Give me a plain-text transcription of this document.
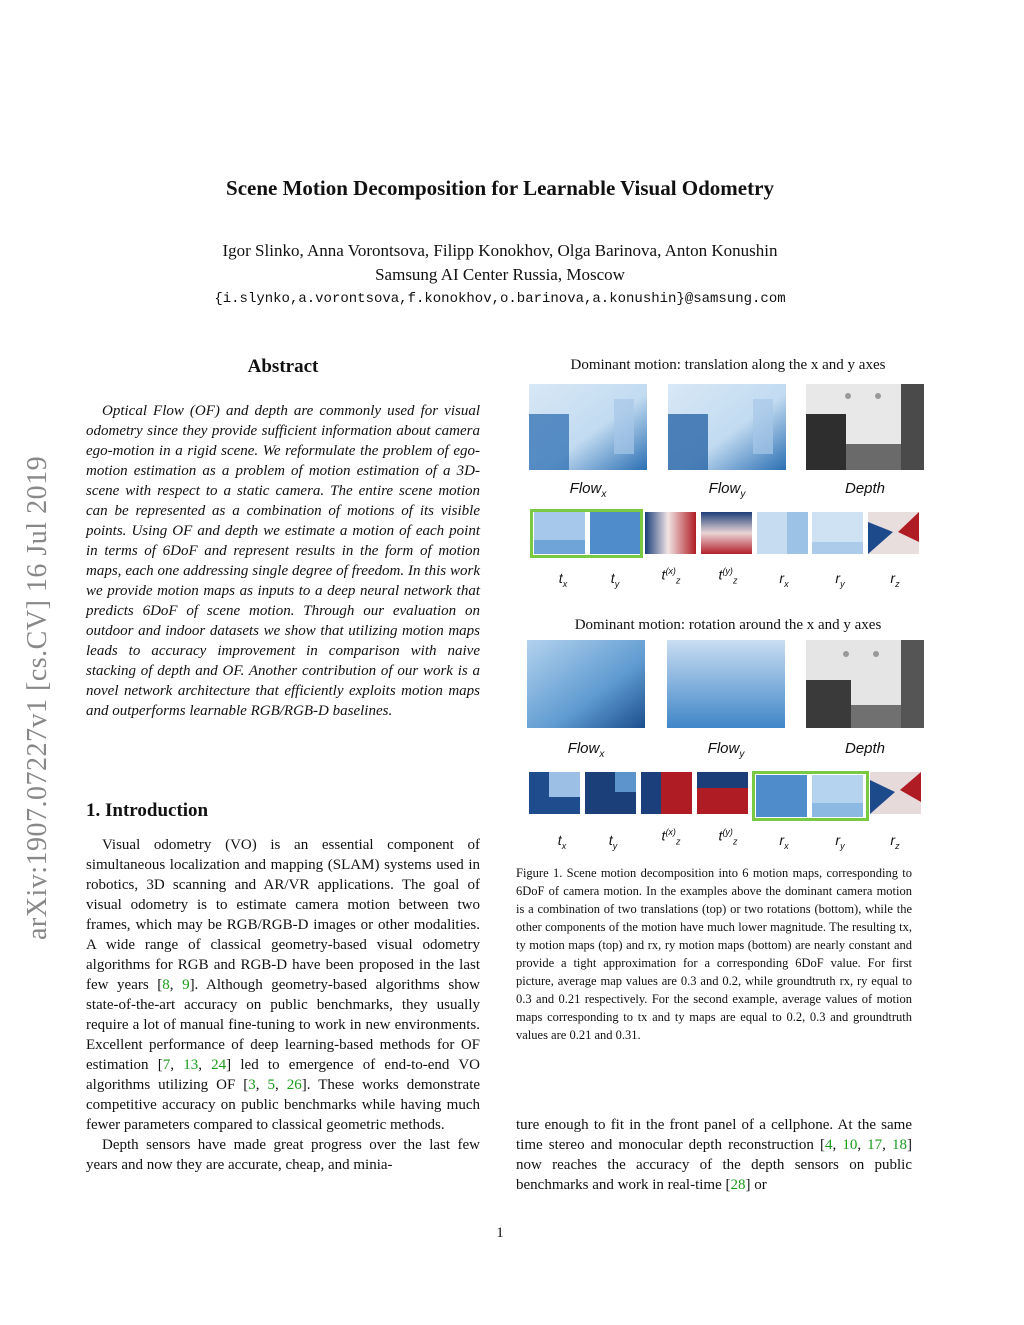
Scene Motion Decomposition for Learnable Visual Odometry
Igor Slinko, Anna Vorontsova, Filipp Konokhov, Olga Barinova, Anton Konushin
Samsung AI Center Russia, Moscow
{i.slynko,a.vorontsova,f.konokhov,o.barinova,a.konushin}@samsung.com
arXiv:1907.07227v1 [cs.CV] 16 Jul 2019
Abstract
Optical Flow (OF) and depth are commonly used for visual odometry since they provide sufficient information about camera ego-motion in a rigid scene. We reformulate the problem of ego-motion estimation as a problem of motion estimation of a 3D-scene with respect to a static camera. The entire scene motion can be represented as a combination of motions of its visible points. Using OF and depth we estimate a motion of each point in terms of 6DoF and represent results in the form of motion maps, each one addressing single degree of freedom. In this work we provide motion maps as inputs to a deep neural network that predicts 6DoF of scene motion. Through our evaluation on outdoor and indoor datasets we show that utilizing motion maps leads to accuracy improvement in comparison with naive stacking of depth and OF. Another contribution of our work is a novel network architecture that efficiently exploits motion maps and outperforms learnable RGB/RGB-D baselines.
1. Introduction

Visual odometry (VO) is an essential component of simultaneous localization and mapping (SLAM) systems used in robotics, 3D scanning and AR/VR applications. The goal of visual odometry is to estimate camera motion between two frames, which may be RGB/RGB-D images or other modalities. A wide range of classical geometry-based visual odometry algorithms for RGB and RGB-D have been proposed in the last few years [8, 9]. Although geometry-based algorithms show state-of-the-art accuracy on public benchmarks, they usually require a lot of manual fine-tuning to work in new environments. Excellent performance of deep learning-based methods for OF estimation [7, 13, 24] led to emergence of end-to-end VO algorithms utilizing OF [3, 5, 26]. These works demonstrate competitive accuracy on public benchmarks while having much fewer parameters compared to classical geometric methods.

Depth sensors have made great progress over the last few years and now they are accurate, cheap, and minia-

ture enough to fit in the front panel of a cellphone. At the same time stereo and monocular depth reconstruction [4, 10, 17, 18] now reaches the accuracy of the depth sensors on public benchmarks and work in real-time [28] or
1
Dominant motion: translation along the x and y axes
Flow$_x$	Flow$_y$	Depth
$t_x$	$t_y$
$t^{(x)}_z$	$t^{(y)}_z$	$r_x$	$r_y$	$r_z$
Dominant motion: rotation around the x and y axes
Flow$_x$	Flow$_y$	Depth
$t_x$	$t_y$
$t^{(x)}_z$	$t^{(y)}_z$	$r_x$	$r_y$	$r_z$
Figure 1. Scene motion decomposition into 6 motion maps, corresponding to 6DoF of camera motion. In the examples above the dominant camera motion is a combination of two translations (top) or two rotations (bottom), while the other components of the motion have much lower magnitude. The resulting tx, ty motion maps (top) and rx, ry motion maps (bottom) are nearly constant and provide a tight approximation for a corresponding 6DoF value. For first picture, average map values are 0.3 and 0.2, while groundtruth rx, ry equal to 0.3 and 0.21 respectively. For the second example, average values of motion maps corresponding to tx and ty maps are equal to 0.2, 0.3 and groundtruth values are 0.21 and 0.31.
